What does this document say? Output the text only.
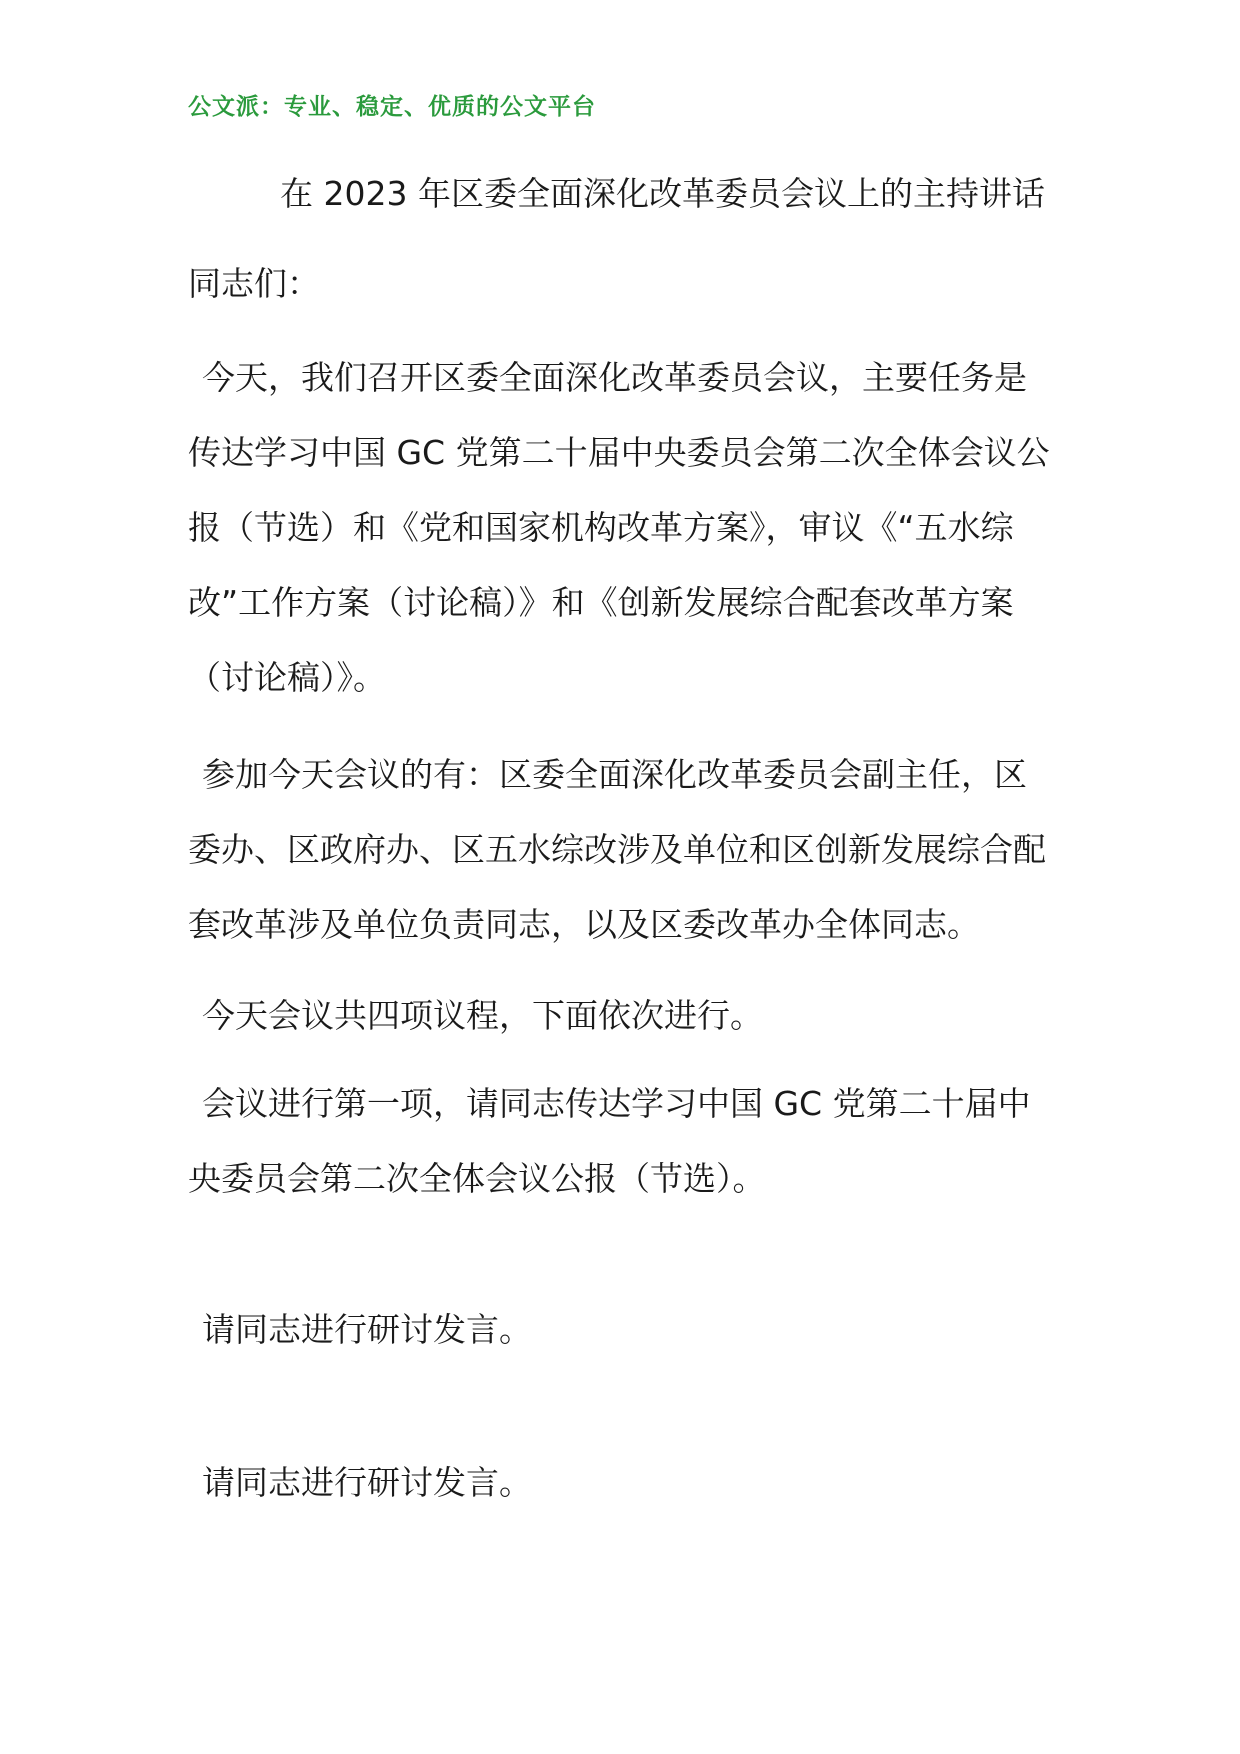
公文派：专业、稳定、优质的公文平台
在 2023 年区委全面深化改革委员会议上的主持讲话
同志们：

今天，我们召开区委全面深化改革委员会议，主要任务是传达学习中国 GC 党第二十届中央委员会第二次全体会议公报（节选）和《党和国家机构改革方案》，审议《“五水综改”工作方案（讨论稿）》和《创新发展综合配套改革方案（讨论稿）》。

参加今天会议的有：区委全面深化改革委员会副主任，区委办、区政府办、区五水综改涉及单位和区创新发展综合配套改革涉及单位负责同志，以及区委改革办全体同志。

今天会议共四项议程，下面依次进行。

会议进行第一项，请同志传达学习中国 GC 党第二十届中央委员会第二次全体会议公报（节选）。

请同志进行研讨发言。

请同志进行研讨发言。
